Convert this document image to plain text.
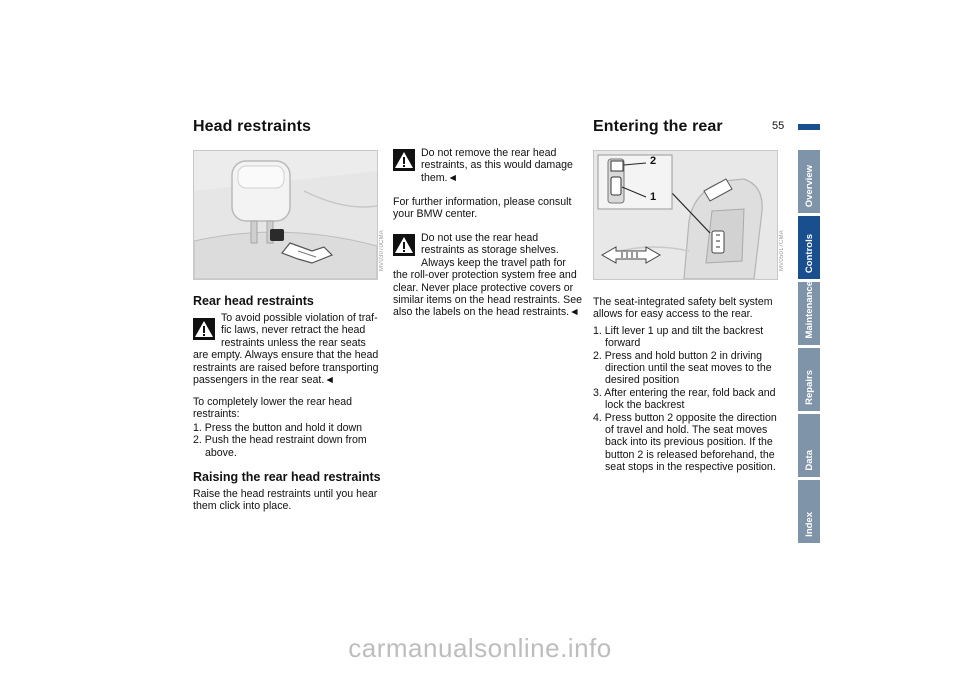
Head restraints
MV03070CMA
Rear head restraints

To avoid possible violation of traf-fic laws, never retract the head restraints unless the rear seats are empty. Always ensure that the head restraints are raised before transporting passengers in the rear seat.◄

To completely lower the rear head restraints:

1. Press the button and hold it down
2. Push the head restraint down from above.
Raising the rear head restraints
Raise the head restraints until you hear them click into place.

Do not remove the rear head restraints, as this would damage them.◄

For further information, please consult your BMW center.

Do not use the rear head restraints as storage shelves. Always keep the travel path for the roll-over protection system free and clear. Never place protective covers or similar items on the head restraints. See also the labels on the head restraints.◄

Entering the rear	55
2
1
MV05017CMA

The seat-integrated safety belt system allows for easy access to the rear.

1. Lift lever 1 up and tilt the backrest forward
2. Press and hold button 2 in driving direction until the seat moves to the desired position
3. After entering the rear, fold back and lock the backrest
4. Press button 2 opposite the direction of travel and hold. The seat moves back into its previous position. If the button 2 is released beforehand, the seat stops in the respective position.
Overview
Controls
Maintenance
Repairs
Data
Index
carmanualsonline.info
